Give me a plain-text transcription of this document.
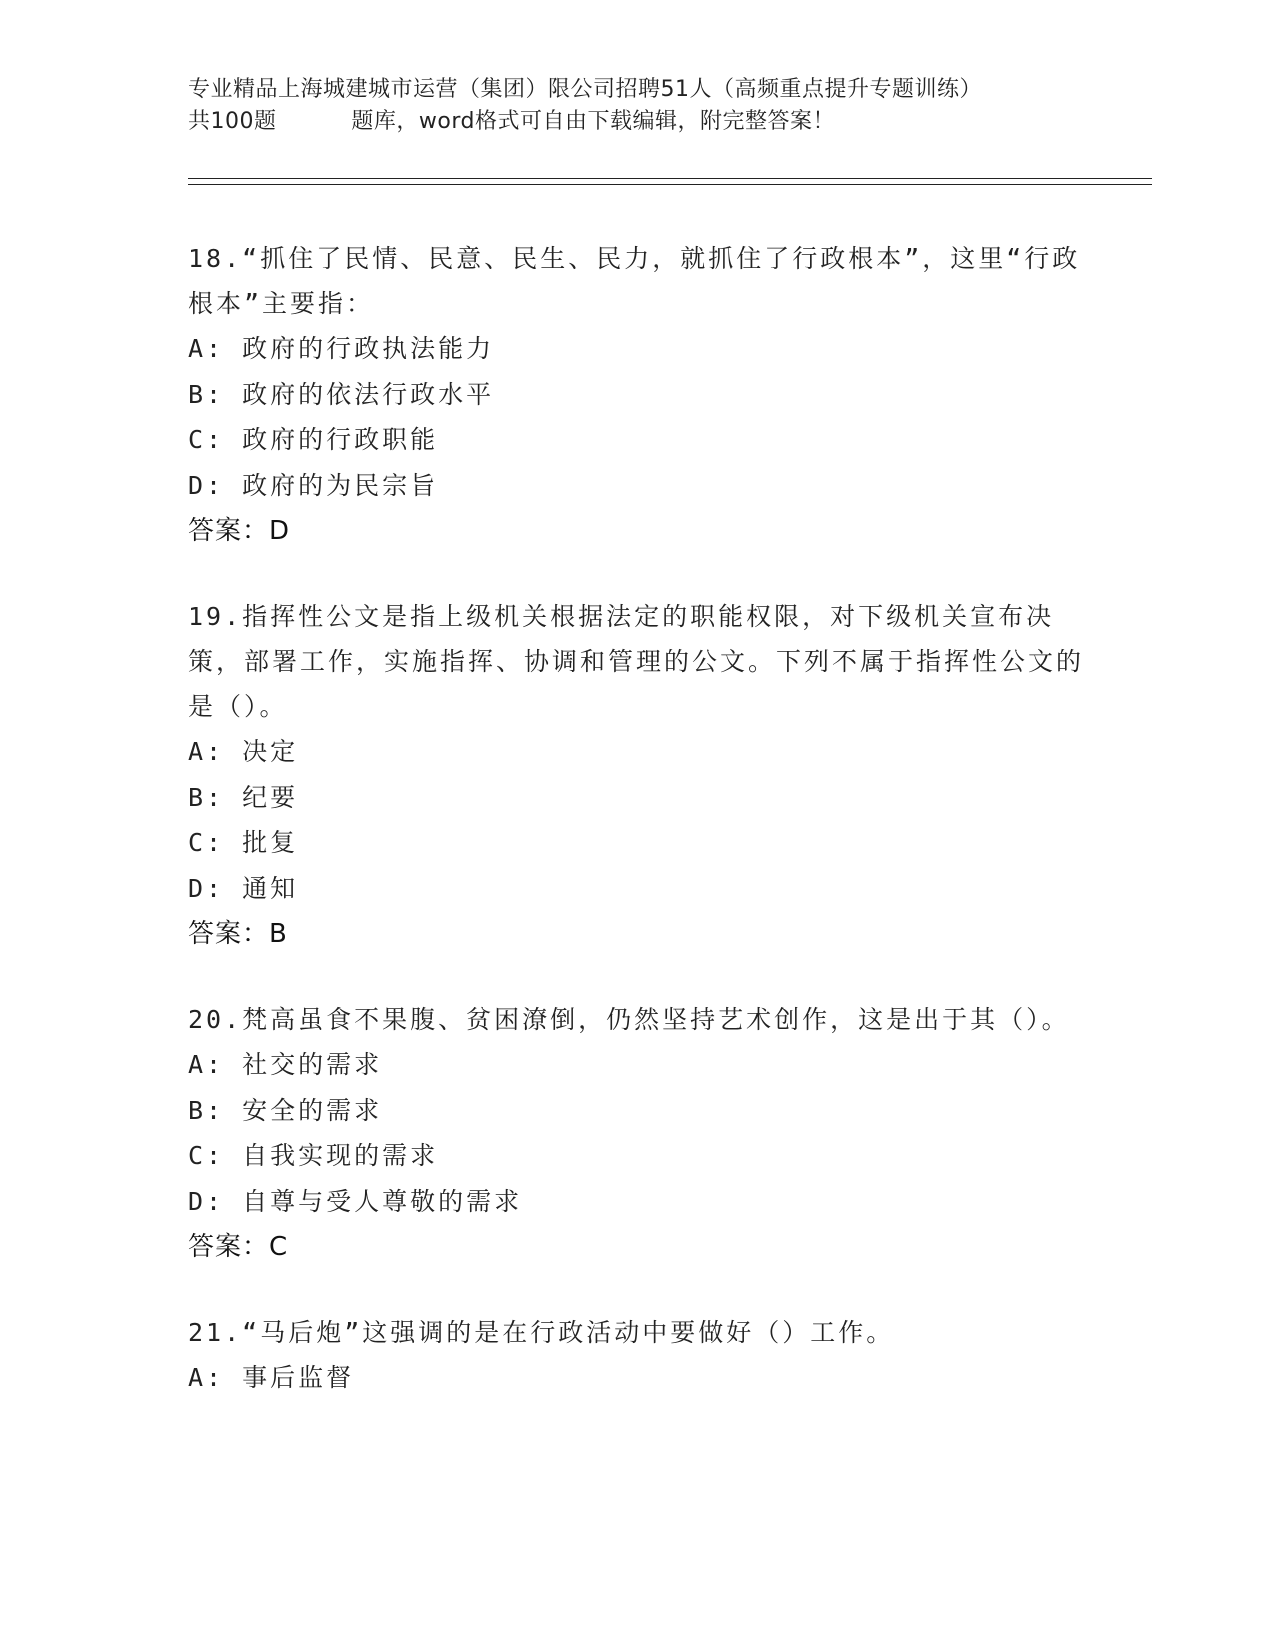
专业精品上海城建城市运营（集团）限公司招聘51人（高频重点提升专题训练）

共100题          题库，word格式可自由下载编辑，附完整答案！

18.“抓住了民情、民意、民生、民力，就抓住了行政根本”，这里“行政根本”主要指：

A: 政府的行政执法能力
B: 政府的依法行政水平
C: 政府的行政职能
D: 政府的为民宗旨
答案：D

19.指挥性公文是指上级机关根据法定的职能权限，对下级机关宣布决策，部署工作，实施指挥、协调和管理的公文。下列不属于指挥性公文的是（）。

A: 决定
B: 纪要
C: 批复
D: 通知
答案：B

20.梵高虽食不果腹、贫困潦倒，仍然坚持艺术创作，这是出于其（）。

A: 社交的需求
B: 安全的需求
C: 自我实现的需求
D: 自尊与受人尊敬的需求
答案：C

21.“马后炮”这强调的是在行政活动中要做好（）工作。

A: 事后监督
